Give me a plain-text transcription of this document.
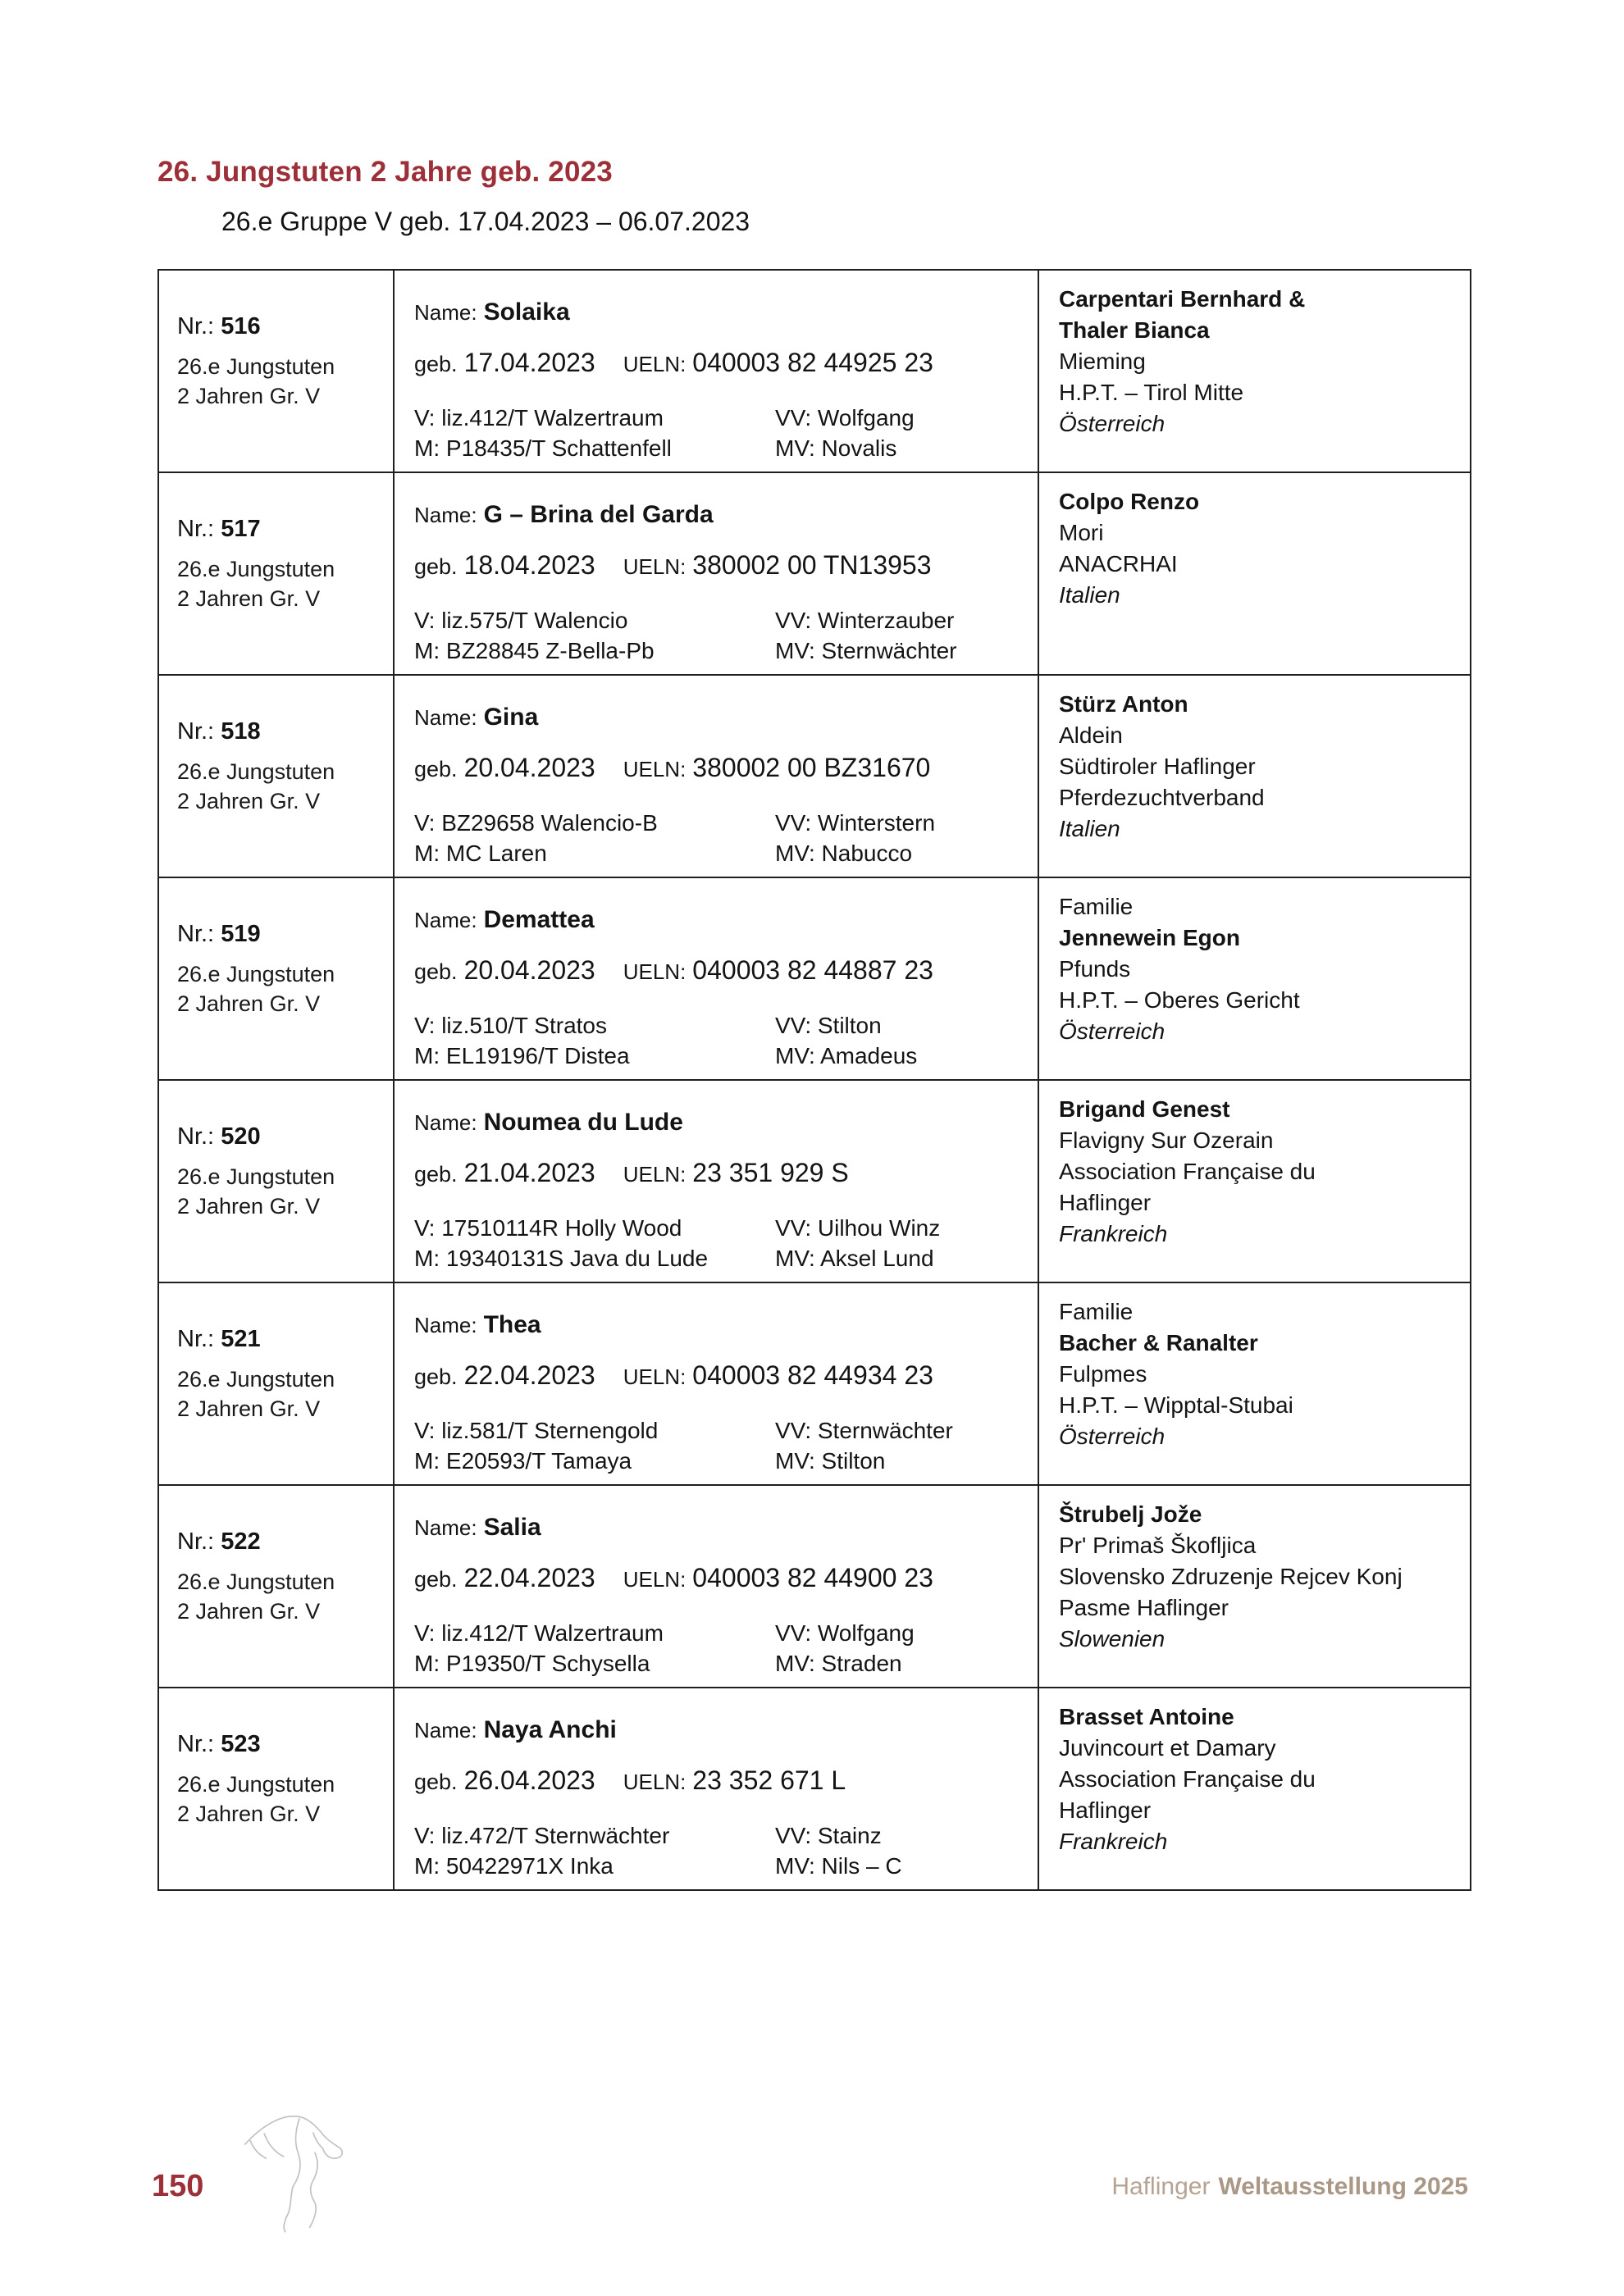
26. Jungstuten 2 Jahre geb. 2023
26.e Gruppe V geb. 17.04.2023 – 06.07.2023
Nr.: 516
26.e Jungstuten
2 Jahren Gr. V
Name: Solaika
geb. 17.04.2023 UELN: 040003 82 44925 23
V: liz.412/T Walzertraum	VV: Wolfgang
M: P18435/T Schattenfell	MV: Novalis
Carpentari Bernhard &
Thaler Bianca
Mieming
H.P.T. – Tirol Mitte
Österreich
Nr.: 517
26.e Jungstuten
2 Jahren Gr. V
Name: G – Brina del Garda
geb. 18.04.2023 UELN: 380002 00 TN13953
V: liz.575/T Walencio	VV: Winterzauber
M: BZ28845 Z-Bella-Pb	MV: Sternwächter
Colpo Renzo
Mori
ANACRHAI
Italien
Nr.: 518
26.e Jungstuten
2 Jahren Gr. V
Name: Gina
geb. 20.04.2023 UELN: 380002 00 BZ31670
V: BZ29658 Walencio-B	VV: Winterstern
M: MC Laren	MV: Nabucco
Stürz Anton
Aldein
Südtiroler Haflinger
Pferdezuchtverband
Italien
Nr.: 519
26.e Jungstuten
2 Jahren Gr. V
Name: Demattea
geb. 20.04.2023 UELN: 040003 82 44887 23
V: liz.510/T Stratos	VV: Stilton
M: EL19196/T Distea	MV: Amadeus
Familie
Jennewein Egon
Pfunds
H.P.T. – Oberes Gericht
Österreich
Nr.: 520
26.e Jungstuten
2 Jahren Gr. V
Name: Noumea du Lude
geb. 21.04.2023 UELN: 23 351 929 S
V: 17510114R Holly Wood	VV: Uilhou Winz
M: 19340131S Java du Lude	MV: Aksel Lund
Brigand Genest
Flavigny Sur Ozerain
Association Française du
Haflinger
Frankreich
Nr.: 521
26.e Jungstuten
2 Jahren Gr. V
Name: Thea
geb. 22.04.2023 UELN: 040003 82 44934 23
V: liz.581/T Sternengold	VV: Sternwächter
M: E20593/T Tamaya	MV: Stilton
Familie
Bacher & Ranalter
Fulpmes
H.P.T. – Wipptal-Stubai
Österreich
Nr.: 522
26.e Jungstuten
2 Jahren Gr. V
Name: Salia
geb. 22.04.2023 UELN: 040003 82 44900 23
V: liz.412/T Walzertraum	VV: Wolfgang
M: P19350/T Schysella	MV: Straden
Štrubelj Jože
Pr' Primaš Škofljica
Slovensko Zdruzenje Rejcev Konj
Pasme Haflinger
Slowenien
Nr.: 523
26.e Jungstuten
2 Jahren Gr. V
Name: Naya Anchi
geb. 26.04.2023 UELN: 23 352 671 L
V: liz.472/T Sternwächter	VV: Stainz
M: 50422971X Inka	MV: Nils – C
Brasset Antoine
Juvincourt et Damary
Association Française du
Haflinger
Frankreich
150	Haflinger Weltausstellung 2025
